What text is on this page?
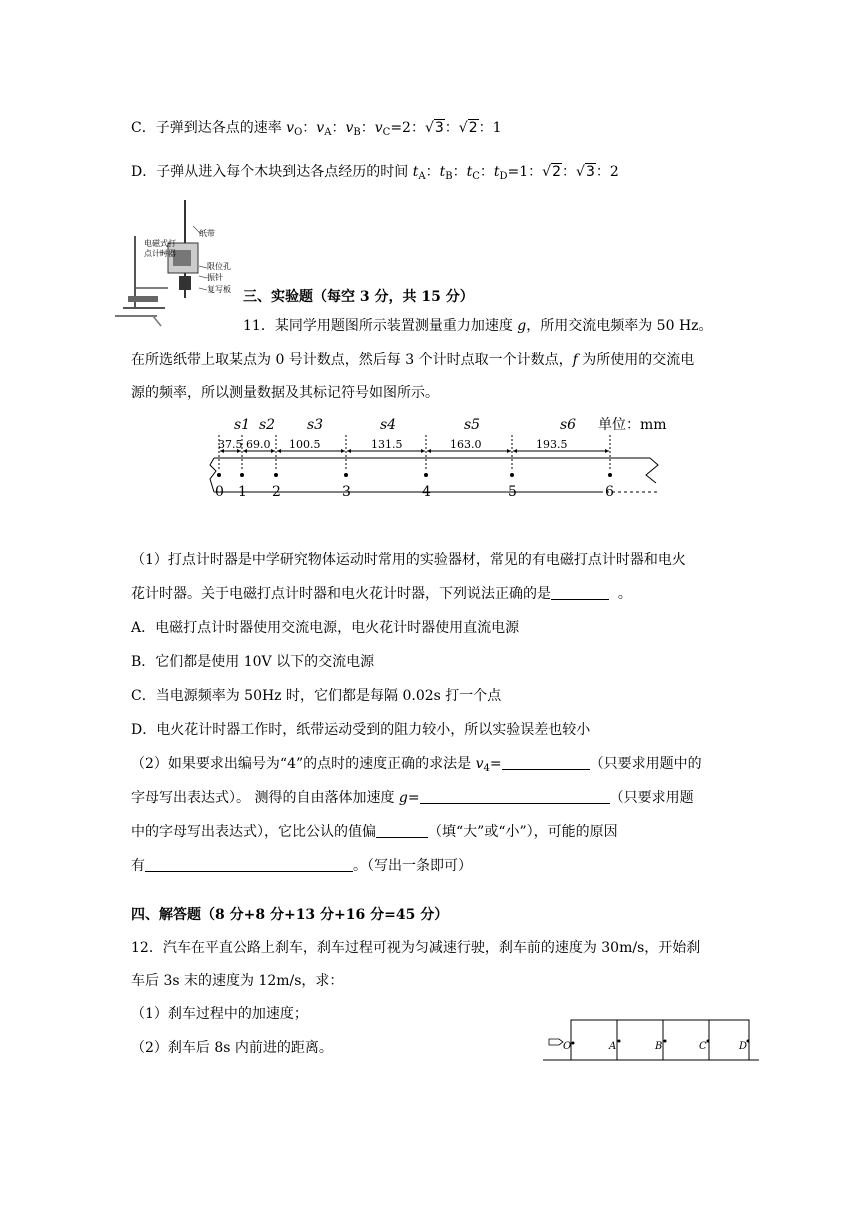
C．子弹到达各点的速率 $v_O$：$v_A$：$v_B$：$v_C=2$：√3：√2：1
D．子弹从进入每个木块到达各点经历的时间 $t_A$：$t_B$：$t_C$：$t_D=1$：√2：√3：2
纸带
电磁式打
点计时器
限位孔
振针
复写板 三、实验题（每空 3 分，共 15 分）
11．某同学用题图所示装置测量重力加速度 g，所用交流电频率为 50 Hz。
在所选纸带上取某点为 0 号计数点，然后每 3 个计时点取一个计数点，f 为所使用的交流电
源的频率，所以测量数据及其标记符号如图所示。
s1 s2 s3	s4	s5	s6 单位：mm
37.5 69.0 100.5	131.5	163.0	193.5
0 1 2	3	4	5	6
（1）打点计时器是中学研究物体运动时常用的实验器材，常见的有电磁打点计时器和电火
花计时器。关于电磁打点计时器和电火花计时器，下列说法正确的是	。
A．电磁打点计时器使用交流电源，电火花计时器使用直流电源
B．它们都是使用 10V 以下的交流电源
C．当电源频率为 50Hz 时，它们都是每隔 0.02s 打一个点
D．电火花计时器工作时，纸带运动受到的阻力较小，所以实验误差也较小
（2）如果要求出编号为“4”的点时的速度正确的求法是 $v_4=$	（只要求用题中的
字母写出表达式）。 测得的自由落体加速度 g=	（只要求用题
中的字母写出表达式），它比公认的值偏	（填“大”或“小”），可能的原因
有	。（写出一条即可）
四、解答题（8 分+8 分+13 分+16 分=45 分）
12．汽车在平直公路上刹车，刹车过程可视为匀减速行驶，刹车前的速度为 30m/s，开始刹
车后 3s 末的速度为 12m/s，求：
（1）刹车过程中的加速度；
（2）刹车后 8s 内前进的距离。	O	A	B	C	D
